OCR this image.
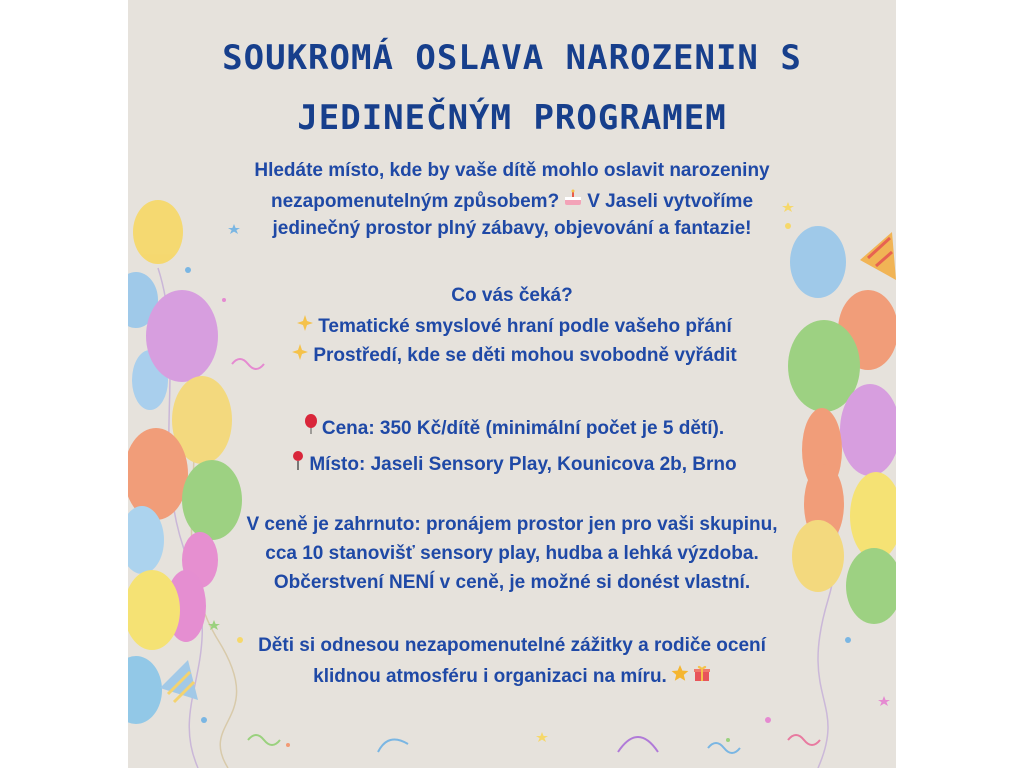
SOUKROMÁ OSLAVA NAROZENIN S
JEDINEČNÝM PROGRAMEM
Hledáte místo, kde by vaše dítě mohlo oslavit narozeniny
nezapomenutelným způsobem? V Jaseli vytvoříme
jedinečný prostor plný zábavy, objevování a fantazie!
Co vás čeká?
Tematické smyslové hraní podle vašeho přání
Prostředí, kde se děti mohou svobodně vyřádit
Cena: 350 Kč/dítě (minimální počet je 5 dětí).
Místo: Jaseli Sensory Play, Kounicova 2b, Brno
V ceně je zahrnuto: pronájem prostor jen pro vaši skupinu,
cca 10 stanovišť sensory play, hudba a lehká výzdoba.
Občerstvení NENÍ v ceně, je možné si donést vlastní.
Děti si odnesou nezapomenutelné zážitky a rodiče ocení
klidnou atmosféru i organizaci na míru.
